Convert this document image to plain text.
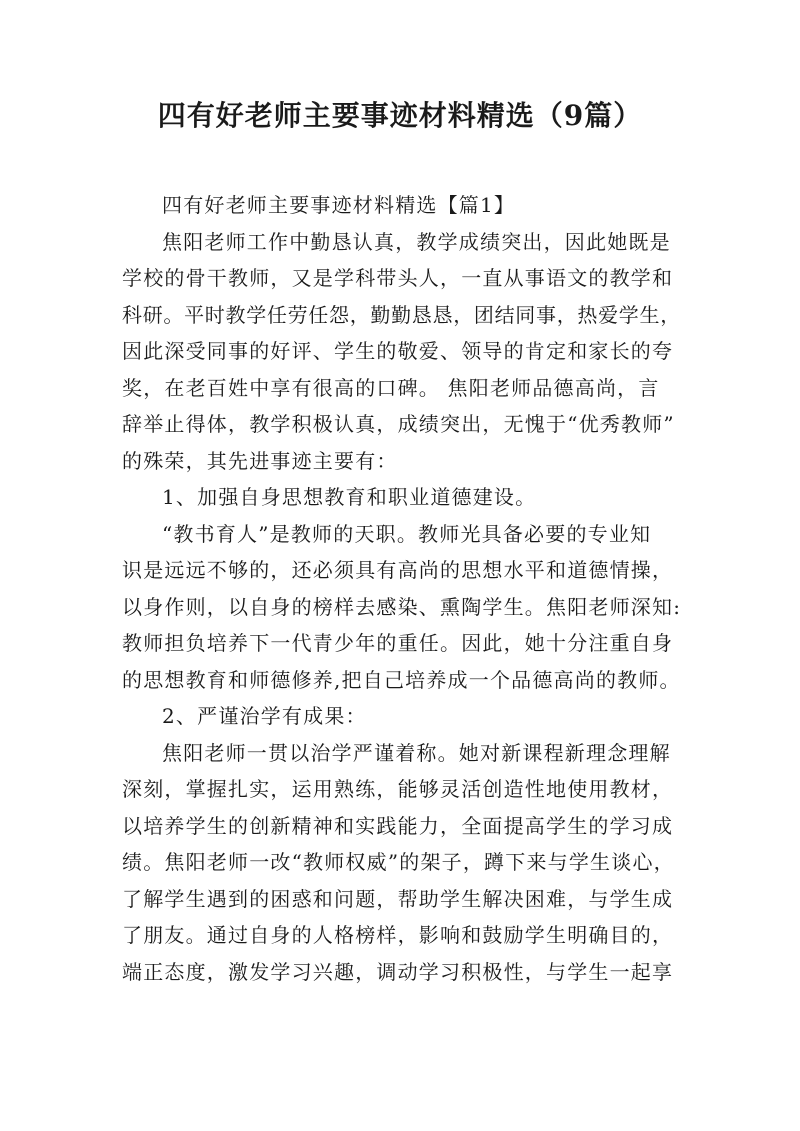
四有好老师主要事迹材料精选（9篇）
四有好老师主要事迹材料精选【篇1】
焦阳老师工作中勤恳认真，教学成绩突出，因此她既是
学校的骨干教师，又是学科带头人，一直从事语文的教学和
科研。平时教学任劳任怨，勤勤恳恳，团结同事，热爱学生，
因此深受同事的好评、学生的敬爱、领导的肯定和家长的夸
奖，在老百姓中享有很高的口碑。 焦阳老师品德高尚，言
辞举止得体，教学积极认真，成绩突出，无愧于“优秀教师”
的殊荣，其先进事迹主要有：
1、加强自身思想教育和职业道德建设。
“教书育人”是教师的天职。教师光具备必要的专业知
识是远远不够的，还必须具有高尚的思想水平和道德情操，
以身作则，以自身的榜样去感染、熏陶学生。焦阳老师深知:
教师担负培养下一代青少年的重任。因此，她十分注重自身
的思想教育和师德修养,把自己培养成一个品德高尚的教师。
2、严谨治学有成果：
焦阳老师一贯以治学严谨着称。她对新课程新理念理解
深刻，掌握扎实，运用熟练，能够灵活创造性地使用教材，
以培养学生的创新精神和实践能力，全面提高学生的学习成
绩。焦阳老师一改“教师权威”的架子，蹲下来与学生谈心，
了解学生遇到的困惑和问题，帮助学生解决困难，与学生成
了朋友。通过自身的人格榜样，影响和鼓励学生明确目的，
端正态度，激发学习兴趣，调动学习积极性，与学生一起享
